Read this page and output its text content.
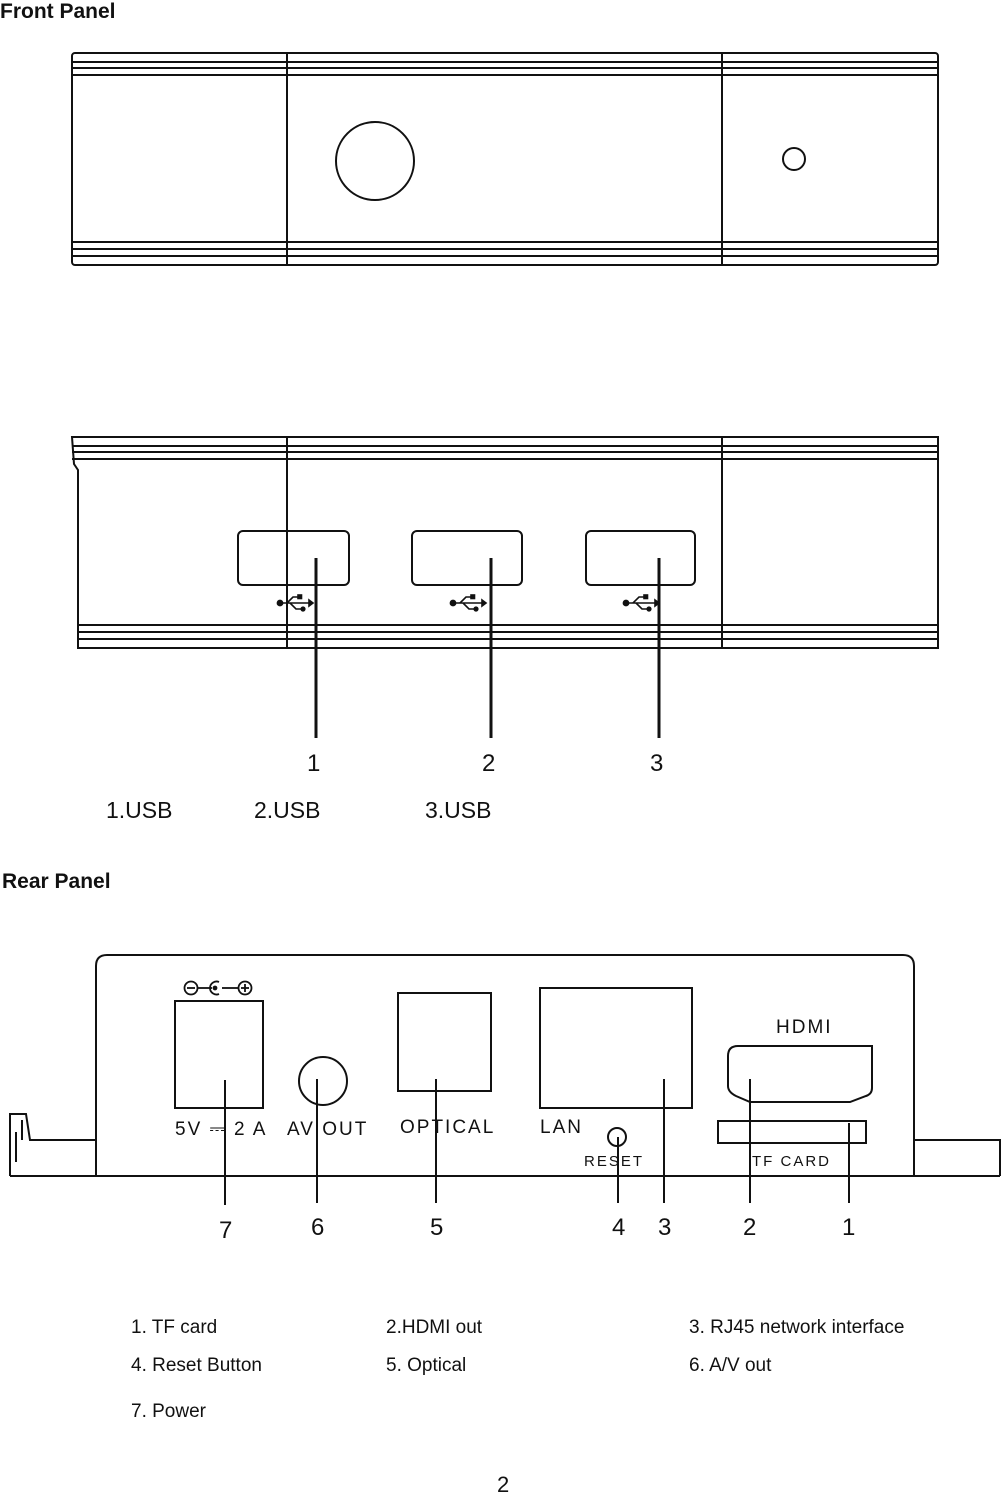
Front Panel
Rear Panel
1	2	3
1.USB	2.USB	3.USB
5V ⎓ 2 A AV OUT OPTICAL LAN
RESET
HDMI
TF CARD
7	6	5	4 3	2	1
1. TF card	2.HDMI out	3. RJ45 network interface
4. Reset Button	5. Optical	6. A/V out
7. Power
2
